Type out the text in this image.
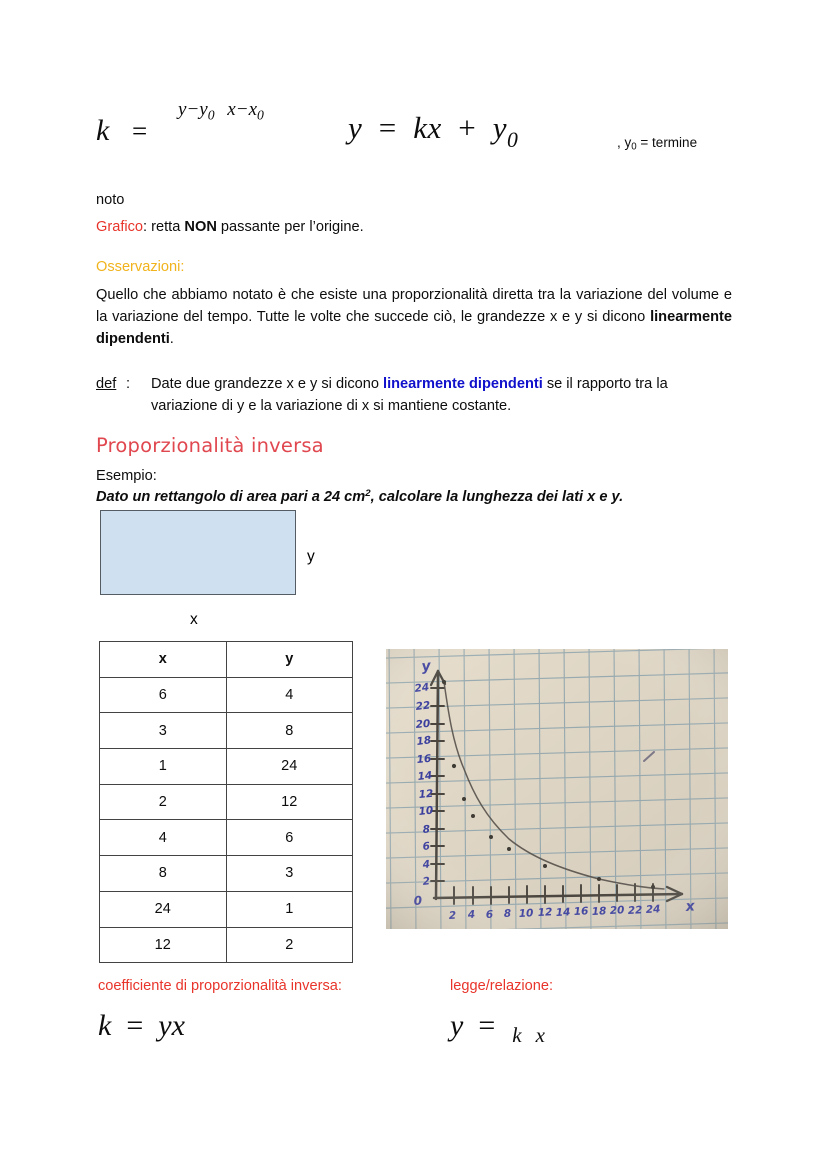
k =
$y-y_0$ $x-x_0$	y = kx + $y_0$	, $y_0 = termine$
noto
Grafico: retta NON passante per l’origine.
Osservazioni:
Quello che abbiamo notato è che esiste una proporzionalità diretta tra la variazione del volume e la variazione del tempo. Tutte le volte che succede ciò, le grandezze x e y si dicono linearmente dipendenti.
def : Date due grandezze x e y si dicono linearmente dipendenti se il rapporto tra la variazione di y e la variazione di x si mantiene costante.
Proporzionalità inversa
Esempio:
Dato un rettangolo di area pari a 24 $cm^2$, calcolare la lunghezza dei lati x e y.
y
x
x	y
6	4
3	8
1	24
2	12
4	6
8	3
24	1
12	2
coefficiente di proporzionalità inversa:	legge/relazione:
k = yx	y = k x
